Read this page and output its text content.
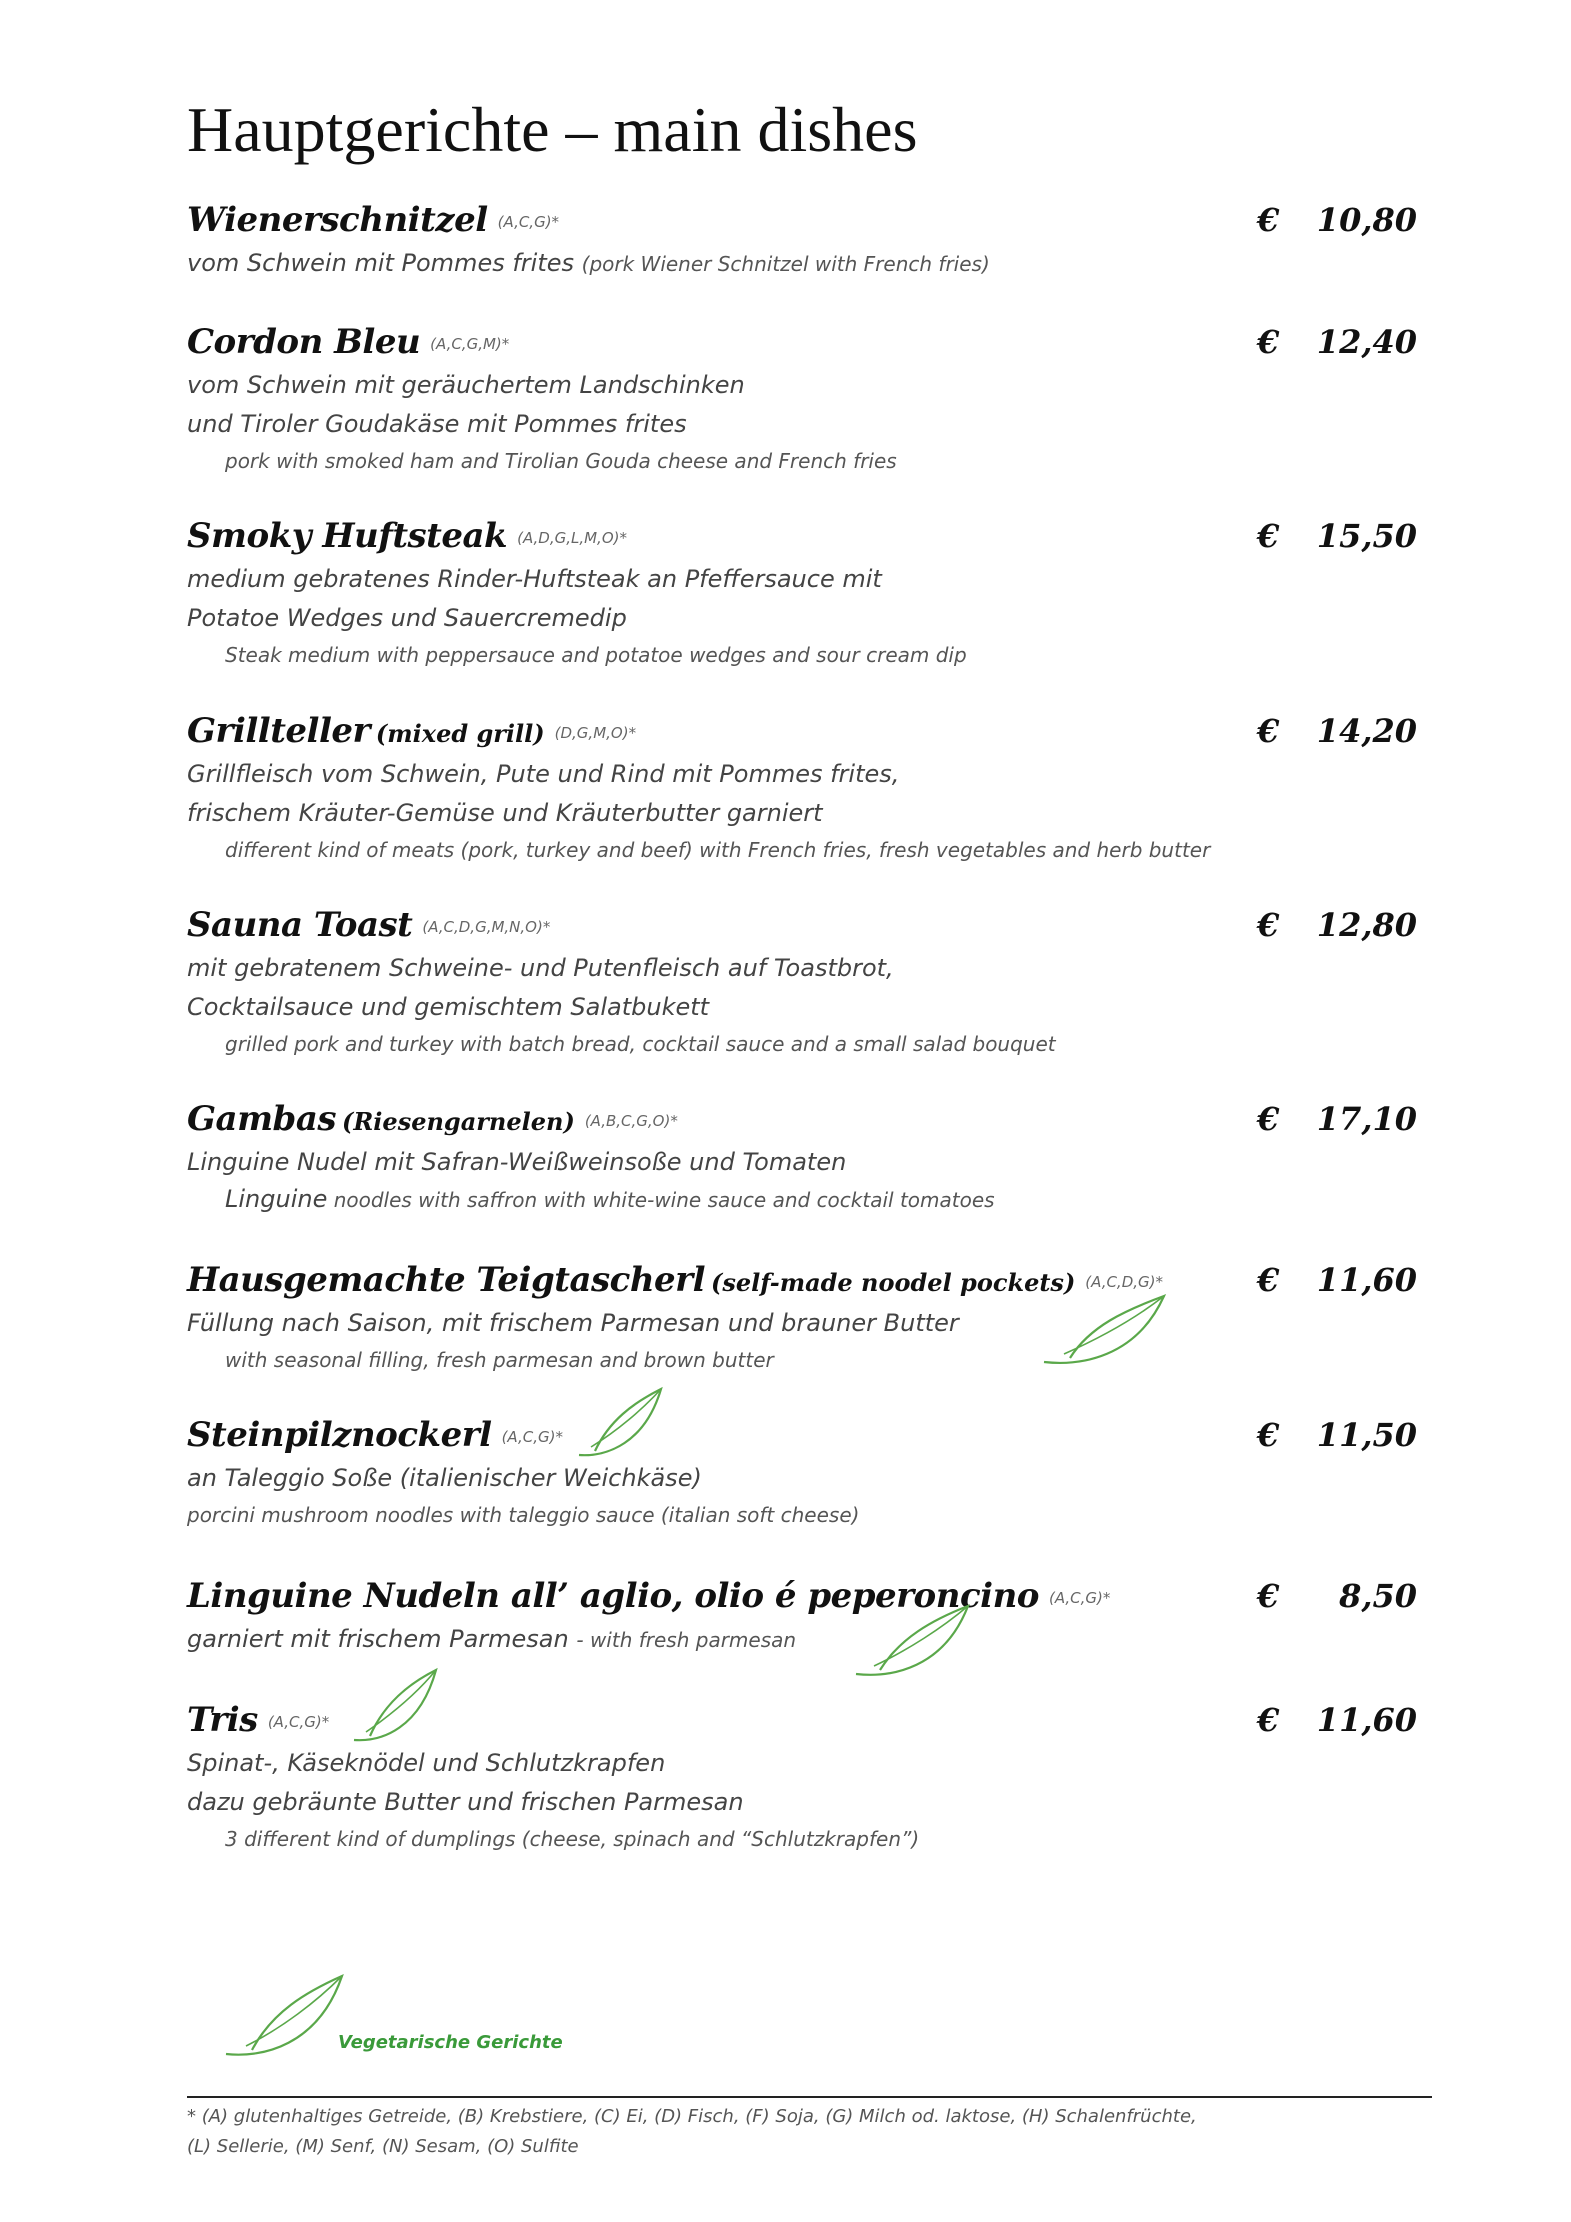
Hauptgerichte – main dishes
Wienerschnitzel (A,C,G)*	€ 10,80
vom Schwein mit Pommes frites (pork Wiener Schnitzel with French fries)
Cordon Bleu (A,C,G,M)*	€ 12,40
vom Schwein mit geräuchertem Landschinken
und Tiroler Goudakäse mit Pommes frites
pork with smoked ham and Tirolian Gouda cheese and French fries
Smoky Huftsteak (A,D,G,L,M,O)*	€ 15,50
medium gebratenes Rinder-Huftsteak an Pfeffersauce mit
Potatoe Wedges und Sauercremedip
Steak medium with peppersauce and potatoe wedges and sour cream dip
Grillteller (mixed grill) (D,G,M,O)*	€ 14,20
Grillfleisch vom Schwein, Pute und Rind mit Pommes frites,
frischem Kräuter-Gemüse und Kräuterbutter garniert
different kind of meats (pork, turkey and beef) with French fries, fresh vegetables and herb butter
Sauna Toast (A,C,D,G,M,N,O)*	€ 12,80
mit gebratenem Schweine- und Putenfleisch auf Toastbrot,
Cocktailsauce und gemischtem Salatbukett
grilled pork and turkey with batch bread, cocktail sauce and a small salad bouquet
Gambas (Riesengarnelen) (A,B,C,G,O)*	€ 17,10
Linguine Nudel mit Safran-Weißweinsoße und Tomaten
Linguine noodles with saffron with white-wine sauce and cocktail tomatoes
Hausgemachte Teigtascherl (self-made noodel pockets) (A,C,D,G)*	€ 11,60
Füllung nach Saison, mit frischem Parmesan und brauner Butter
with seasonal filling, fresh parmesan and brown butter
Steinpilznockerl (A,C,G)*	€ 11,50
an Taleggio Soße (italienischer Weichkäse)
porcini mushroom noodles with taleggio sauce (italian soft cheese)
Linguine Nudeln all’ aglio, olio é peperoncino (A,C,G)*	€ 8,50
garniert mit frischem Parmesan - with fresh parmesan
Tris (A,C,G)*	€ 11,60
Spinat-, Käseknödel und Schlutzkrapfen
dazu gebräunte Butter und frischen Parmesan
3 different kind of dumplings (cheese, spinach and “Schlutzkrapfen”)
Vegetarische Gerichte
* (A) glutenhaltiges Getreide, (B) Krebstiere, (C) Ei, (D) Fisch, (F) Soja, (G) Milch od. laktose, (H) Schalenfrüchte,
(L) Sellerie, (M) Senf, (N) Sesam, (O) Sulfite
